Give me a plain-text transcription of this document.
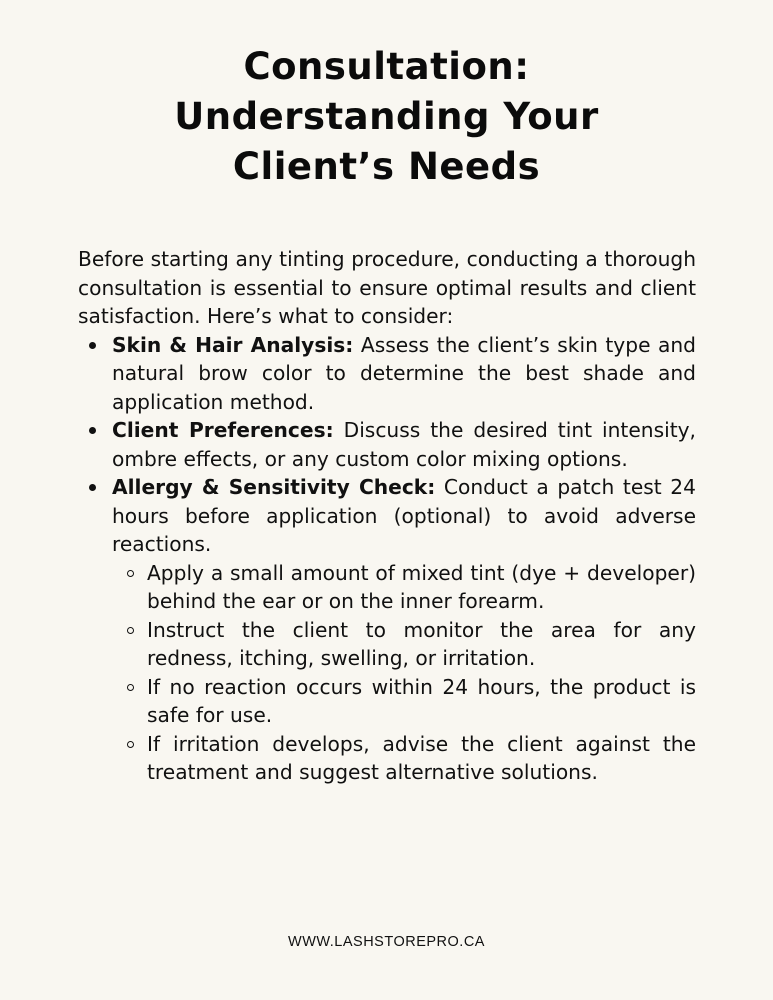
Consultation:
Understanding Your
Client’s Needs

Before starting any tinting procedure, conducting a thorough consultation is essential to ensure optimal results and client satisfaction. Here’s what to consider:

Skin & Hair Analysis: Assess the client’s skin type and natural brow color to determine the best shade and application method.
Client Preferences: Discuss the desired tint intensity, ombre effects, or any custom color mixing options.
Allergy & Sensitivity Check: Conduct a patch test 24 hours before application (optional) to avoid adverse reactions.
Apply a small amount of mixed tint (dye + developer) behind the ear or on the inner forearm.
Instruct the client to monitor the area for any redness, itching, swelling, or irritation.
If no reaction occurs within 24 hours, the product is safe for use.
If irritation develops, advise the client against the treatment and suggest alternative solutions.
WWW.LASHSTOREPRO.CA
